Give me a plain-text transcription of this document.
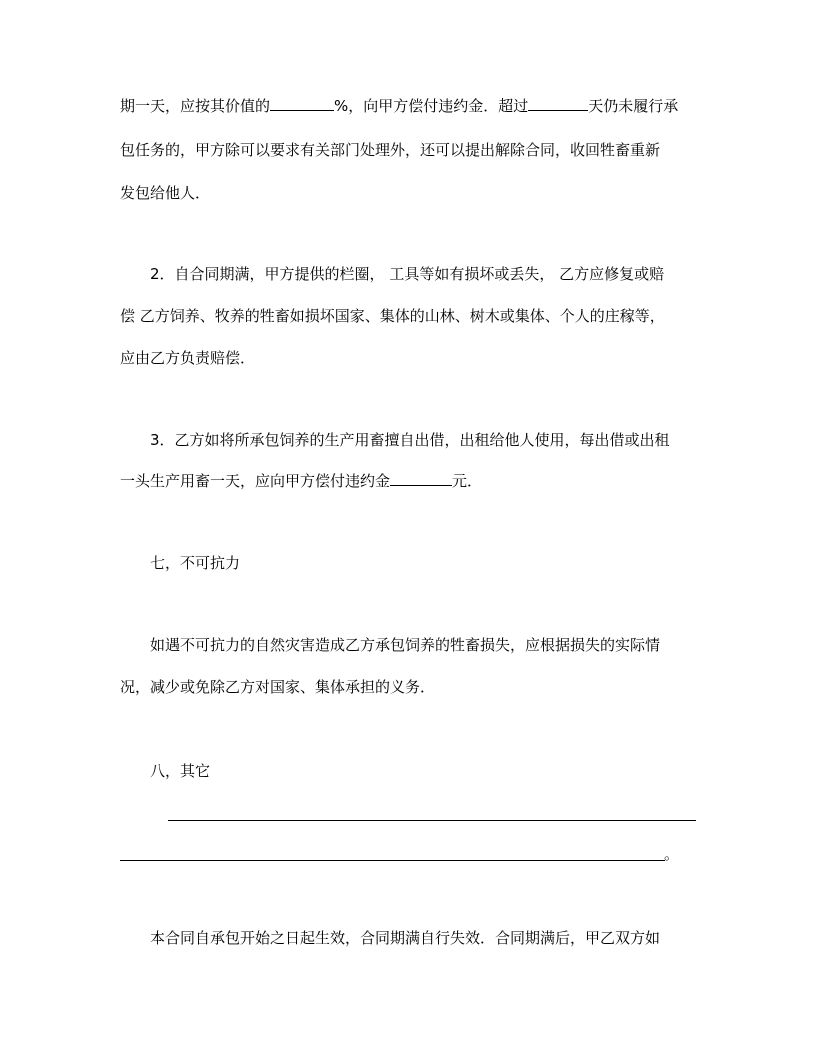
期一天，应按其价值的	%，向甲方偿付违约金．超过	天仍未履行承
包任务的，甲方除可以要求有关部门处理外，还可以提出解除合同，收回牲畜重新
发包给他人．
2．自合同期满，甲方提供的栏圈， 工具等如有损坏或丢失， 乙方应修复或赔
偿 乙方饲养、牧养的牲畜如损坏国家、集体的山林、树木或集体、个人的庄稼等，
应由乙方负责赔偿．
3．乙方如将所承包饲养的生产用畜擅自出借，出租给他人使用，每出借或出租
一头生产用畜一天，应向甲方偿付违约金	元．
七，不可抗力
如遇不可抗力的自然灾害造成乙方承包饲养的牲畜损失，应根据损失的实际情
况，减少或免除乙方对国家、集体承担的义务．
八，其它
。
本合同自承包开始之日起生效，合同期满自行失效．合同期满后，甲乙双方如
